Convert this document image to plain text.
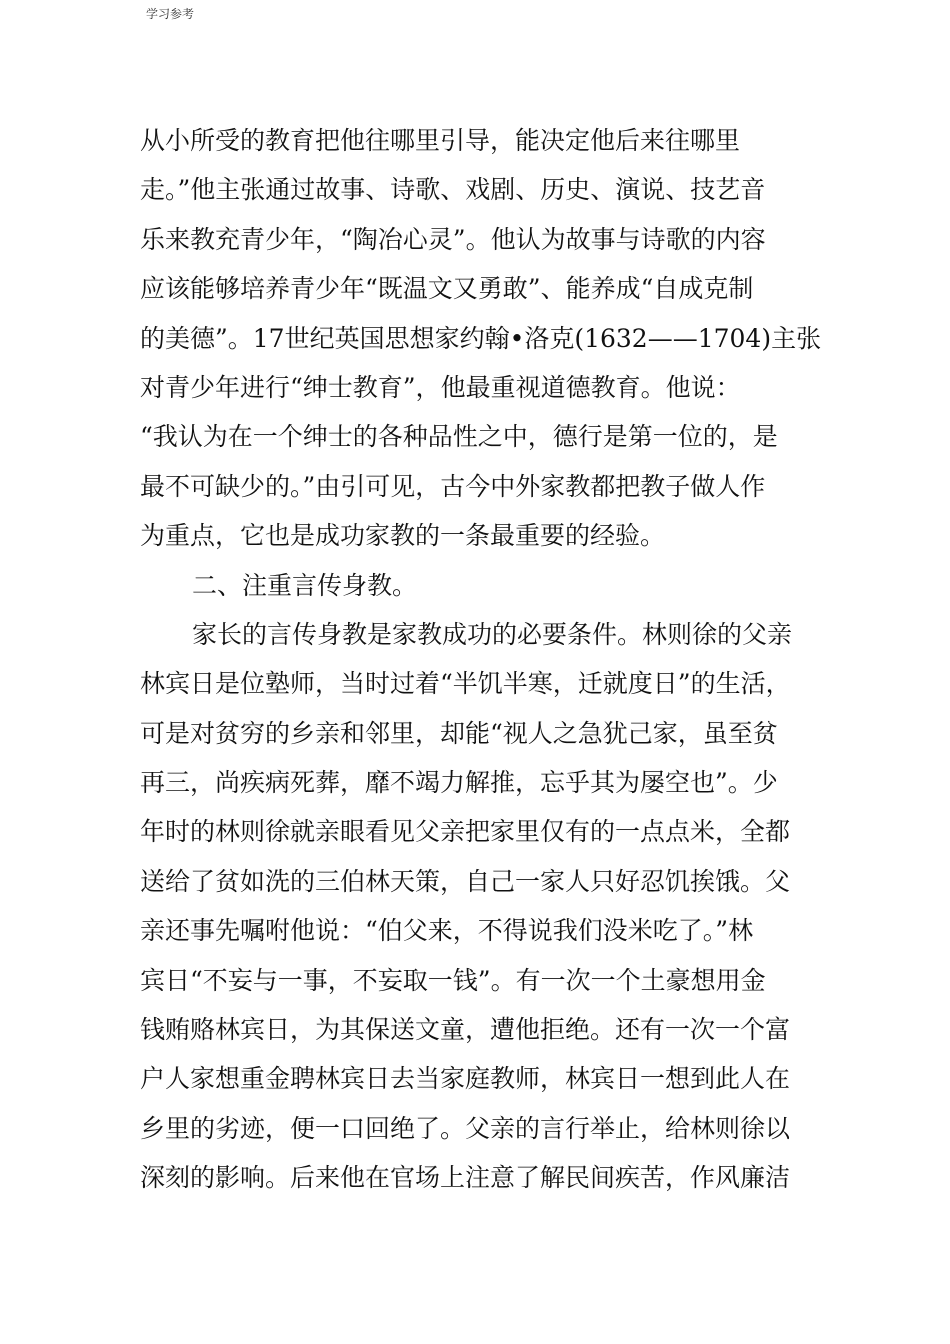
学习参考
从小所受的教育把他往哪里引导，能决定他后来往哪里
走。”他主张通过故事、诗歌、戏剧、历史、演说、技艺音
乐来教充青少年，“陶冶心灵”。他认为故事与诗歌的内容
应该能够培养青少年“既温文又勇敢”、能养成“自成克制
的美德”。17世纪英国思想家约翰•洛克(1632——1704)主张
对青少年进行“绅士教育”，他最重视道德教育。他说：
“我认为在一个绅士的各种品性之中，德行是第一位的，是
最不可缺少的。”由引可见，古今中外家教都把教子做人作
为重点，它也是成功家教的一条最重要的经验。
二、注重言传身教。
家长的言传身教是家教成功的必要条件。林则徐的父亲
林宾日是位塾师，当时过着“半饥半寒，迁就度日”的生活，
可是对贫穷的乡亲和邻里，却能“视人之急犹己家，虽至贫
再三，尚疾病死葬，靡不竭力解推，忘乎其为屡空也”。少
年时的林则徐就亲眼看见父亲把家里仅有的一点点米，全都
送给了贫如洗的三伯林天策，自己一家人只好忍饥挨饿。父
亲还事先嘱咐他说：“伯父来，不得说我们没米吃了。”林
宾日“不妄与一事，不妄取一钱”。有一次一个土豪想用金
钱贿赂林宾日，为其保送文童，遭他拒绝。还有一次一个富
户人家想重金聘林宾日去当家庭教师，林宾日一想到此人在
乡里的劣迹，便一口回绝了。父亲的言行举止，给林则徐以
深刻的影响。后来他在官场上注意了解民间疾苦，作风廉洁
